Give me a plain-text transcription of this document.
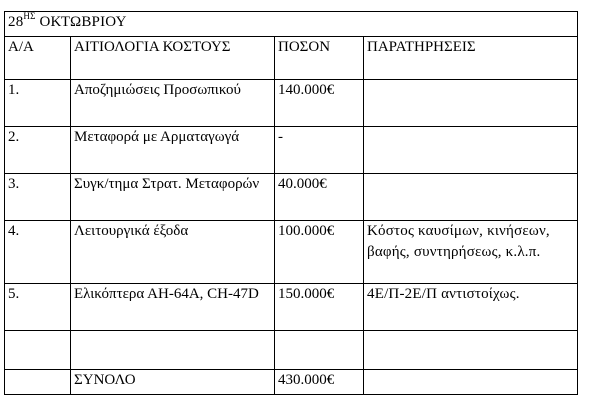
$28^{H\Sigma}$ ΟΚΤΩΒΡΙΟΥ			
Α/Α	ΑΙΤΙΟΛΟΓΙΑ ΚΟΣΤΟΥΣ	ΠΟΣΟΝ	ΠΑΡΑΤΗΡΗΣΕΙΣ
1.	Αποζημιώσεις Προσωπικού	140.000€	
2.	Μεταφορά με Αρματαγωγά	-	
3.	Συγκ/τημα Στρατ. Μεταφορών	40.000€	
4.	Λειτουργικά έξοδα	100.000€	Κόστος καυσίμων, κινήσεων, βαφής, συντηρήσεως, κ.λ.π.
5.	Ελικόπτερα ΑΗ-64Α, CH-47D	150.000€	4Ε/Π-2Ε/Π αντιστοίχως.

	ΣΥΝΟΛΟ	430.000€	
